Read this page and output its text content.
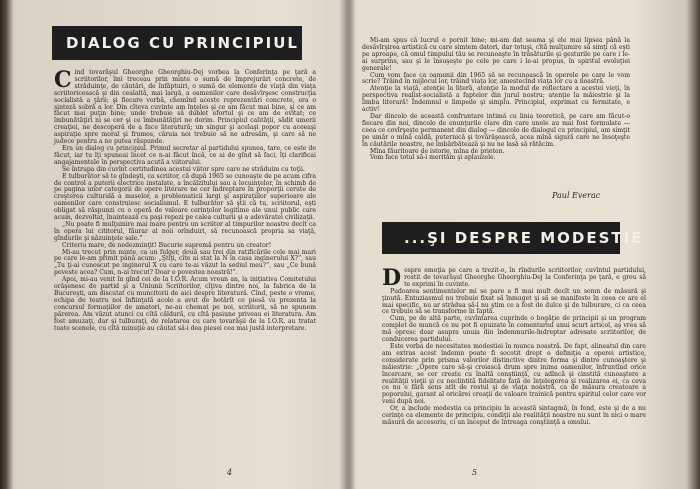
DIALOG CU PRINCIPIUL

Cind tovarăşul Gheorghe Gheorghiu-Dej vorbea la Conferinţa pe ţară a scriitorilor, îmi treceau prin minte o sumă de împrejurări concrete, de străduinţe, de căutări, de înfăptuiri, o sumă de elemente de viaţă din viaţa scriitoricească şi din cealaltă, mai largă, a oamenilor care desăvîrşesc construcţia socialistă a ţării; şi fiecare vorbă, chemînd aceste reprezentări concrete, era o sintezǎ sobrǎ a lor. Din cîteva cuvinte am înţeles şi ce am făcut mai bine, şi ce am făcut mai puţin bine; unde trebuie să dublet efortul şi ce am de evitat; ce îmbunătăţiri ni se cer şi ce îmbunătăţiri ne dorim. Principiul calităţii, sădit umerii creaţiei, ne descoperă de a face literatură; un singur şi acelaşi popor cu aceeaşi aspiraţie spre moral şi frumos, căruia noi trebuie să ne adresăm, şi care să ne judece pentru a ne putea răspunde.

Era un dialog cu principiul. Primul secretar al partidului spunea, tare, ce este de făcut, iar tu îţi spuneai încet ce n-ai făcut încă, ce ai de gînd să faci, îţi clarificai angajamentele în perspectiva acută a viitorului.

Se întrupa din cuvînt certitudinea acestui viitor spre care ne străduim cu toţii.

E tulburător să te gîndeşti, ca scriitor, că după 1965 se cunoaşte de pe acum cifra de control a puterii electrice instalate, a încălzitului sau a locuinţelor, în schimb de pe pagina unor categorii de opere literare ne cer îndreptare în proporţii cerute de creşterea culturală a maselor, a problematicii largi şi aspiraţiilor superioare ale oamenilor care construiesc socialismul. E tulburător să ştii că tu, scriitorul, eşti obligat să răspunzi cu o operă de valoare cerinţelor legitime ale unui public care acum, dezvoltat, înaintează cu paşi repezi pe calea culturii şi a adevăratei civilizaţii.

„Nu poate fi mulţumire mai mare pentru un scriitor al timpurilor noastre decît ca în opera lui cititorul, făurar al noii orînduiri, să recunoască propria sa viaţă, gîndurile şi năzuinţele sale.”

Criteriu mare, de nedezminţit! Bucurie supremă pentru un creator!

Mi-au trecut prin minte, ca un fulger, două sau trei din ratificările cele mai mari pe care le-am primit până acum: „Ştiţi, cîte ai stat la N în casa inginerului X?”, sau „Tu ţi-ai cunoscut pe inginerul X cu care te-ai văzut la sediul meu?”, sau „Ce bună poveste acea? Cum, n-ai trecut? Doar e povestea noastră!”.

Apoi, mi-au venit în gînd cei de la I.O.R. Acum vreun an, la iniţiativa Comitetului orăşenesc de partid şi a Uniunii Scriitorilor, cîţiva dintre noi, la fabrica de la Bucureşti, am discutat cu muncitorii de aici despre literatură. Cînd, peste o vreme, echipa de teatru noi înfiinţată acolo a avut de hotărît ce piesă va prezenta la concursul formaţiilor de amatori, ne-au chemat pe noi, scriitorii, să ne spunem părerea. Am văzut atunci cu cîtă căldură, cu cîtă pasiune priveau ei literatura. Am fost amuzaţi, dar şi tulburaţi, de relatarea cu care tovarăşii de la I.O.R. au tratat toate scenele, cu cîtă minuţie au căutat să-i dea piesei cea mai justă interpretare.

4

Mi-am spus că lucrul e pornit bine; mi-am dat seama şi ele mai lipsea până la desăvîrşirea artistică cu care simtem datori, dar totuşi, cîtă mulţumire să simţi că eşti pe aproape, că omul timpului tău se recunoaşte în trăsăturile şi gesturile pe care i le-ai surprins, sau şi le însuşeşte pe cele pe care i le-ai propus, în spiritul evoluţiei generale!

Cum vom face ca oamenii din 1965 să se recunoască în operele pe care le vom scrie? Trăind în mijlocul lor, trăind viaţa lor, amestecînd viaţa lor cu a noastră.

Atenţie la viaţă, atenţie la literă, atenţie la modul de reflectare a acestei vieţi, în perspectiva realist-socialistă a faptelor din jurul nostru; atenţie la măiestrie şi la limba literară! Îndemnul e limpede şi simplu. Principiul, exprimat cu fermitate, e activ!

Dar dincolo de această confruntare intimă cu linia teoretică, pe care am făcut-o fiecare din noi, dincolo de enunţurile clare din care unele au mai fost formulate — ceea ce covîrşeşte permanent din dialog — dincolo de dialogul cu principiul, am simţit pe umăr o mînă caldă, puternică şi tovărăşească, acea mînă sigură care ne însoţeşte în căutările noastre, ne îmbărbătează şi nu ne lasă să rătăcim.

Mîna făuritoare de istorie, mîna de prieten.

Vom face totul să-i merităm şi aplauzele.

Paul Everac
...ŞI DESPRE MODESTIE

Despre emoţia pe care a trezit-o, în rîndurile scriitorilor, cuvîntul partidului, rostit de tovarăşul Gheorghe Gheorghiu-Dej la Conferinţa pe ţară, e greu să te exprimi în cuvinte.

Pudoarea sentimentelor mi se pare a fi mai mult decît un semn de măsură şi ţinută. Entuziasmul nu trebuie fixat să înmuget şi să se manifeste în ceea ce are el mai specific, nu ar strădua să-l nu ştim ce a fost de dulce şi de tulburare, ci ca ceea ce trebuie să se transforme în faptă.

Cum, pe de altă parte, cuvîntarea cuprinde o bogăţie de principii şi un program complet de muncă ce nu pot fi epuizate în comentariul unui scurt articol, aş vrea să mă opresc doar asupra unuia din îndemnurile-îndreptar adresate scriitorilor, de conducerea partidului.

Este vorba de necesitatea modestiei în munca noastră. De fapt, alineatul din care am extras acest îndemn poate fi socotit drept o definiţie a operei artistice, considerate prin prisma valorilor distinctive dintre forma şi dintre cunoaştere şi măiestrie: „Opere care să-şi croiască drum spre inima oamenilor, înfruntînd orice încercare, se cer create cu înaltă conştiinţă, cu adîncă şi cinstită cunoaştere a realităţii vieţii şi cu neclintită fidelitate faţă de înţelegerea şi realizarea ei, ca ceva ce nu e fără sens atît de rostul şi de viaţa noastră, ca de măsura creatoare a poporului, garant al oricărei creaţii de valoare trainică pentru spiritul celor care vor veni după noi.

Or, a include modestia ca principiu în această sintagmă, în fond, este şi de a nu cerinţe ca elemente de principiu, condiţii ale realităţii noastre nu sunt în nici o mare măsură de accesoriu, ci un început de întreaga conştiinţă a omului.

5
